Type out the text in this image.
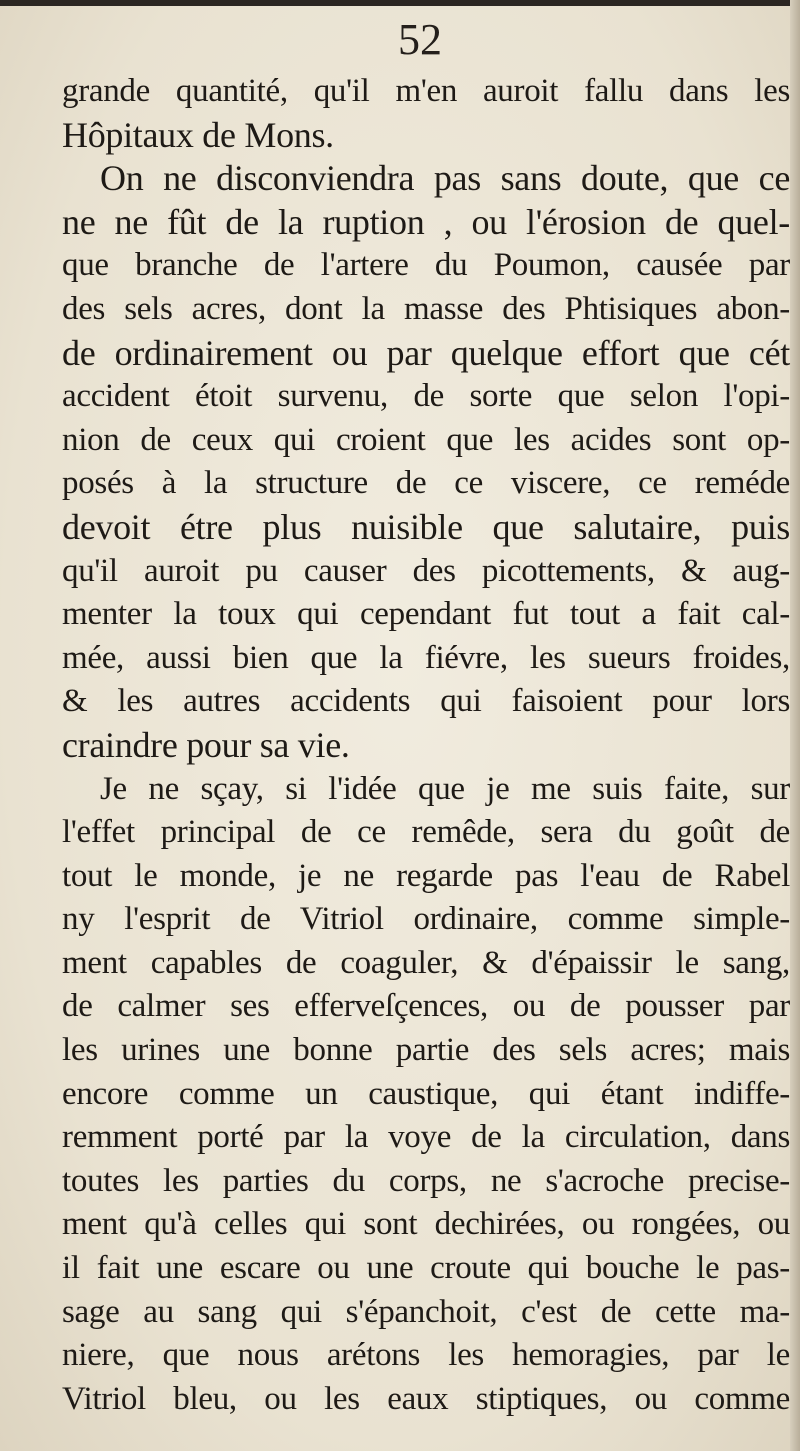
52
grande quantité, qu'il m'en auroit fallu dans les
Hôpitaux de Mons.
On ne disconviendra pas sans doute, que ce
ne ne fût de la ruption , ou l'érosion de quel-
que branche de l'artere du Poumon, causée par
des sels acres, dont la masse des Phtisiques abon-
de ordinairement ou par quelque effort que cét
accident étoit survenu, de sorte que selon l'opi-
nion de ceux qui croient que les acides sont op-
posés à la structure de ce viscere, ce reméde
devoit étre plus nuisible que salutaire, puis
qu'il auroit pu causer des picottements, & aug-
menter la toux qui cependant fut tout a fait cal-
mée, aussi bien que la fiévre, les sueurs froides,
& les autres accidents qui faisoient pour lors
craindre pour sa vie.
Je ne sçay, si l'idée que je me suis faite, sur
l'effet principal de ce remêde, sera du goût de
tout le monde, je ne regarde pas l'eau de Rabel
ny l'esprit de Vitriol ordinaire, comme simple-
ment capables de coaguler, & d'épaissir le sang,
de calmer ses efferveſçences, ou de pousser par
les urines une bonne partie des sels acres; mais
encore comme un caustique, qui étant indiffe-
remment porté par la voye de la circulation, dans
toutes les parties du corps, ne s'acroche precise-
ment qu'à celles qui sont dechirées, ou rongées, ou
il fait une escare ou une croute qui bouche le pas-
sage au sang qui s'épanchoit, c'est de cette ma-
niere, que nous arétons les hemoragies, par le
Vitriol bleu, ou les eaux stiptiques, ou comme
